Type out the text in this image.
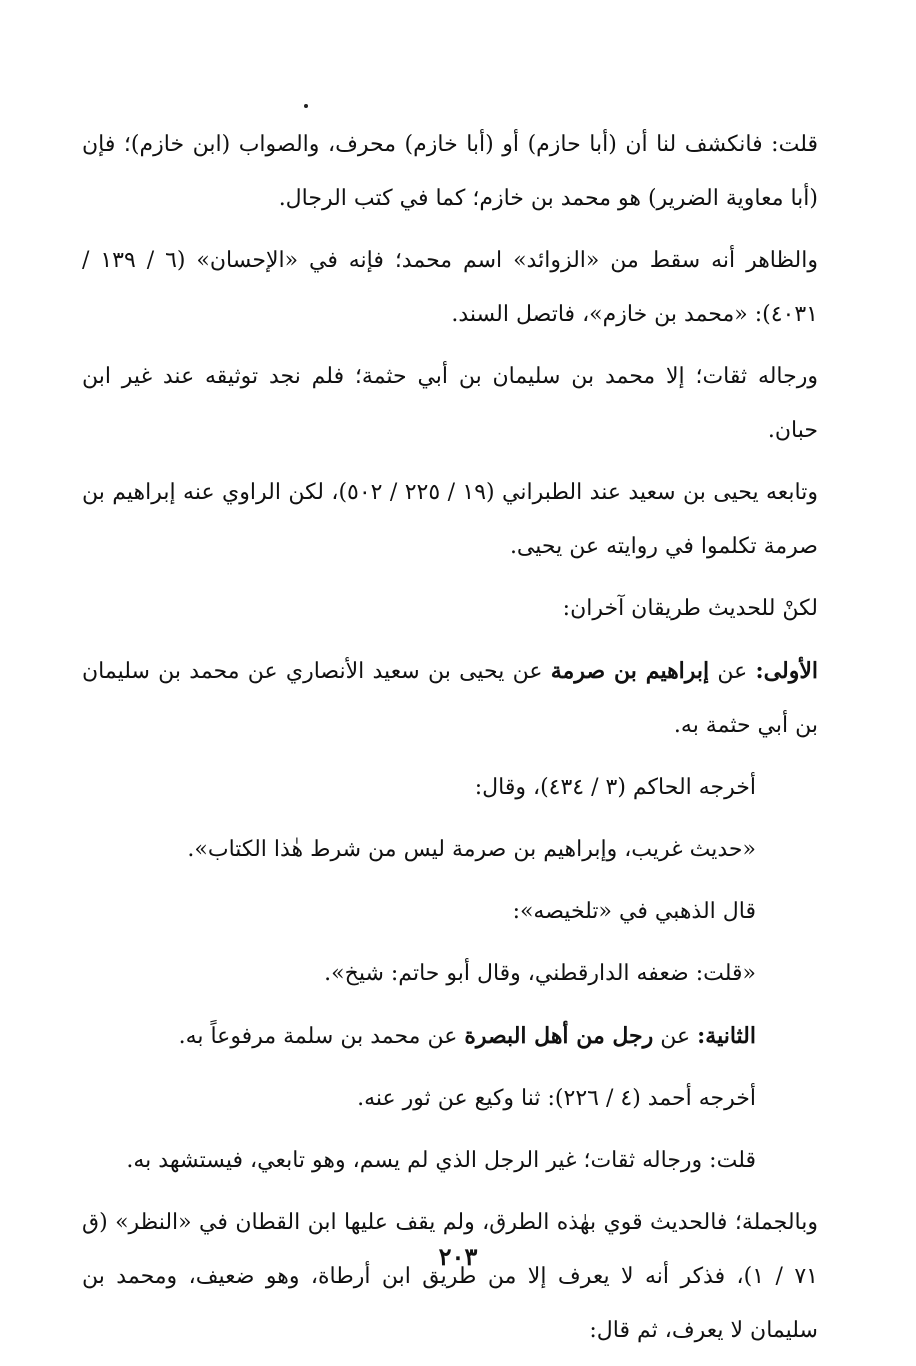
قلت: فانكشف لنا أن (أبا حازم) أو (أبا خازم) محرف، والصواب (ابن خازم)؛ فإن (أبا معاوية الضرير) هو محمد بن خازم؛ كما في كتب الرجال.

والظاهر أنه سقط من «الزوائد» اسم محمد؛ فإنه في «الإحسان» (٦ / ١٣٩ / ٤٠٣١): «محمد بن خازم»، فاتصل السند.

ورجاله ثقات؛ إلا محمد بن سليمان بن أبي حثمة؛ فلم نجد توثيقه عند غير ابن حبان.

وتابعه يحيى بن سعيد عند الطبراني (١٩ / ٢٢٥ / ٥٠٢)، لكن الراوي عنه إبراهيم بن صرمة تكلموا في روايته عن يحيى.

لكنْ للحديث طريقان آخران:

الأولى: عن إبراهيم بن صرمة عن يحيى بن سعيد الأنصاري عن محمد بن سليمان بن أبي حثمة به.

أخرجه الحاكم (٣ / ٤٣٤)، وقال:

«حديث غريب، وإبراهيم بن صرمة ليس من شرط هٰذا الكتاب».

قال الذهبي في «تلخيصه»:

«قلت: ضعفه الدارقطني، وقال أبو حاتم: شيخ».

الثانية: عن رجل من أهل البصرة عن محمد بن سلمة مرفوعاً به.

أخرجه أحمد (٤ / ٢٢٦): ثنا وكيع عن ثور عنه.

قلت: ورجاله ثقات؛ غير الرجل الذي لم يسم، وهو تابعي، فيستشهد به.

وبالجملة؛ فالحديث قوي بهٰذه الطرق، ولم يقف عليها ابن القطان في «النظر» (ق ٧١ / ١)، فذكر أنه لا يعرف إلا من طريق ابن أرطاة، وهو ضعيف، ومحمد بن سليمان لا يعرف، ثم قال:

٢٠٣
